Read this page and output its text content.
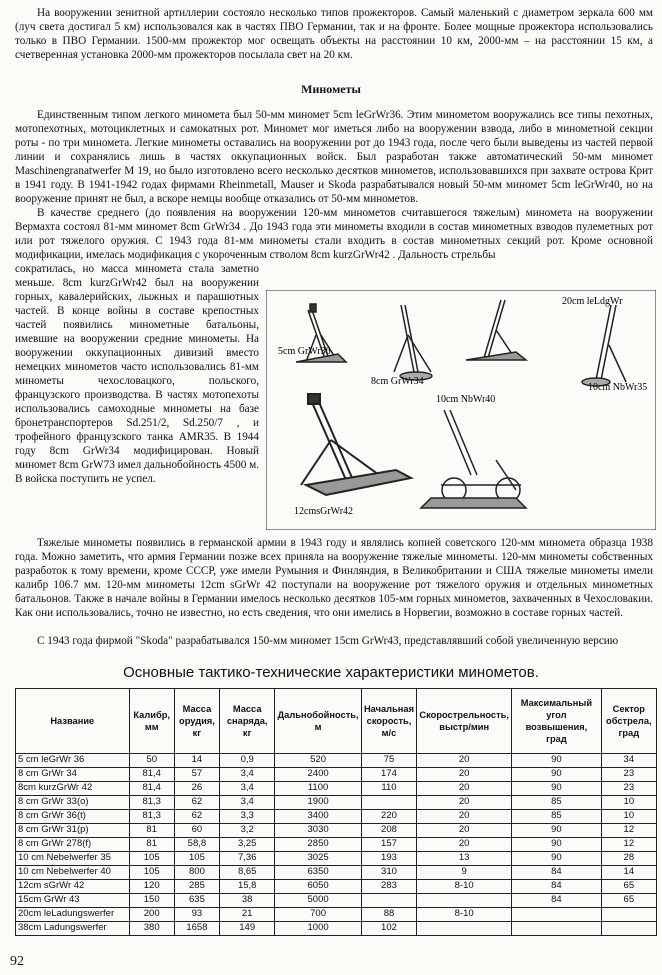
На вооружении зенитной артиллерии состояло несколько типов прожекторов. Самый маленький с диаметром зеркала 600 мм (луч света достигал 5 км) использовался как в частях ПВО Германии, так и на фронте. Более мощные прожектора использовались только в ПВО Германии. 1500-мм прожектор мог освещать объекты на расстоянии 10 км, 2000-мм – на расстоянии 15 км, а счетверенная установка 2000-мм прожекторов посылала свет на 20 км.

Минометы

Единственным типом легкого миномета был 50-мм миномет 5cm leGrWr36. Этим минометом вооружались все типы пехотных, мотопехотных, мотоциклетных и самокатных рот. Миномет мог иметься либо на вооружении взвода, либо в минометной секции роты - по три миномета. Легкие минометы оставались на вооружении рот до 1943 года, после чего были выведены из частей первой линии и сохранялись лишь в частях оккупационных войск. Был разработан также автоматический 50-мм миномет Maschinengranatwerfer M 19, но было изготовлено всего несколько десятков минометов, использовавшихся при захвате острова Крит в 1941 году. В 1941-1942 годах фирмами Rheinmetall, Mauser и Skoda разрабатывался новый 50-мм миномет 5cm leGrWr40, но на вооружение принят не был, а вскоре немцы вообще отказались от 50-мм минометов.

В качестве среднего (до появления на вооружении 120-мм минометов считавшегося тяжелым) миномета на вооружении Вермахта состоял 81-мм миномет 8cm GrWr34 . До 1943 года эти минометы входили в состав минометных взводов пулеметных рот или рот тяжелого оружия. С 1943 года 81-мм минометы стали входить в состав минометных секций рот. Кроме основной модификации, имелась модификация с укороченным стволом 8cm kurzGrWr42 . Дальность стрельбы

сократилась, но масса миномета стала заметно меньше. 8cm kurzGrWr42 был на вооружении горных, кавалерийских, лыжных и парашютных частей. В конце войны в составе крепостных частей появились минометные батальоны, имевшие на вооружении средние минометы. На вооружении оккупационных дивизий вместо немецких минометов часто использовались 81-мм минометы чехословацкого, польского, французского производства. В частях мотопехоты использовались самоходные минометы на базе бронетранспортеров Sd.251/2, Sd.250/7 , и трофейного французского танка AMR35. В 1944 году 8cm GrWr34 модифицирован. Новый миномет 8cm GrW73 имел дальнобойность 4500 м. В войска поступить не успел.

5cm GrWr36
8cm GrWr34
20cm leLdgWr
10cm NbWr35
10cm NbWr40
12cmsGrWr42

Тяжелые минометы появились в германской армии в 1943 году и являлись копией советского 120-мм миномета образца 1938 года. Можно заметить, что армия Германии позже всех приняла на вооружение тяжелые минометы. 120-мм минометы собственных разработок к тому времени, кроме СССР, уже имели Румыния и Финляндия, в Великобритании и США тяжелые минометы имели калибр 106.7 мм. 120-мм минометы 12cm sGrWr 42 поступали на вооружение рот тяжелого оружия и отдельных минометных батальонов. Также в начале войны в Германии имелось несколько десятков 105-мм горных минометов, захваченных в Чехословакии. Как они использовались, точно не известно, но есть сведения, что они имелись в Норвегии, возможно в составе горных частей.

С 1943 года фирмой "Skoda" разрабатывался 150-мм миномет 15cm GrWr43, представлявший собой увеличенную версию

Основные тактико-технические характеристики минометов.
Название	Калибр, мм	Масса орудия, кг	Масса снаряда, кг	Дальнобойность, м	Начальная скорость, м/с	Скорострельность, выстр/мин	Максимальный угол возвышения, град	Сектор обстрела, град
5 cm leGrWr 36	50	14	0,9	520	75	20	90	34
8 cm GrWr 34	81,4	57	3,4	2400	174	20	90	23
8cm kurzGrWr 42	81,4	26	3,4	1100	110	20	90	23
8 cm GrWr 33(o)	81,3	62	3,4	1900		20	85	10
8 cm GrWr 36(t)	81,3	62	3,3	3400	220	20	85	10
8 cm GrWr 31(p)	81	60	3,2	3030	208	20	90	12
8 cm GrWr 278(f)	81	58,8	3,25	2850	157	20	90	12
10 cm Nebelwerfer 35	105	105	7,36	3025	193	13	90	28
10 cm Nebelwerfer 40	105	800	8,65	6350	310	9	84	14
12cm sGrWr 42	120	285	15,8	6050	283	8-10	84	65
15cm GrWr 43	150	635	38	5000			84	65
20cm leLadungswerfer	200	93	21	700	88	8-10		
38cm Ladungswerfer	380	1658	149	1000	102			
92
